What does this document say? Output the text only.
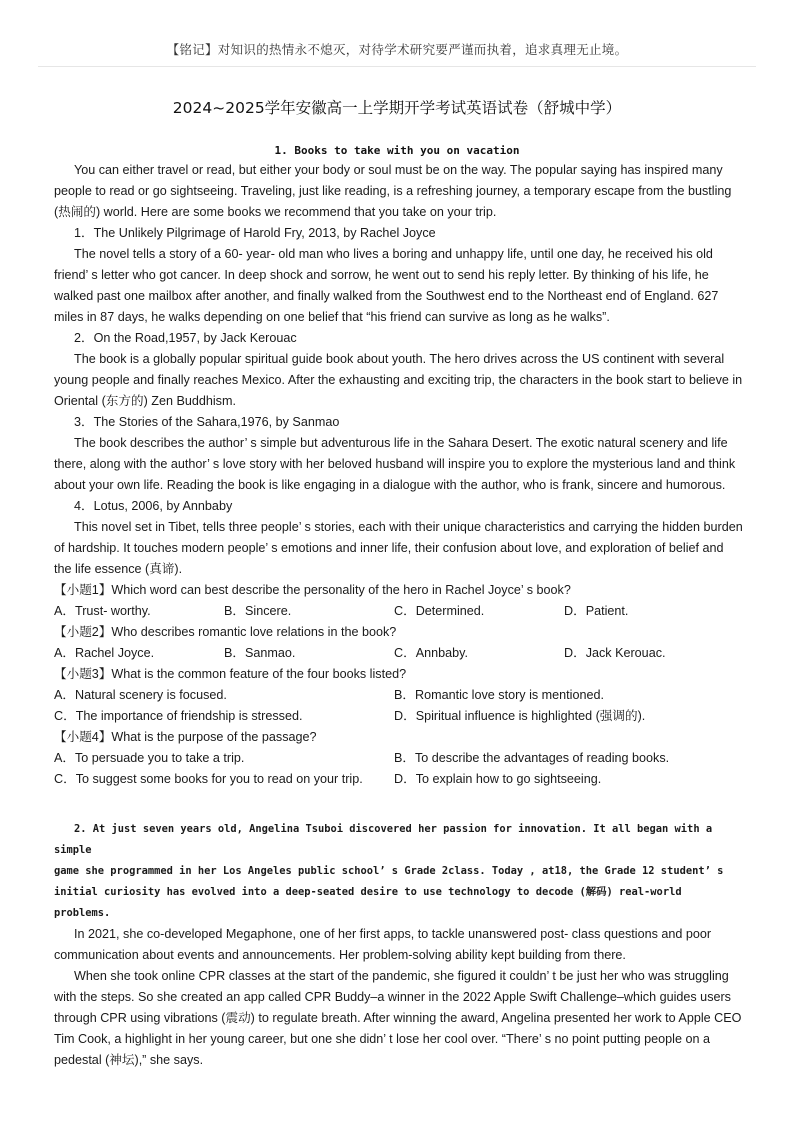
【铭记】对知识的热情永不熄灭，对待学术研究要严谨而执着，追求真理无止境。
2024~2025学年安徽高一上学期开学考试英语试卷（舒城中学）
1. Books to take with you on vacation

You can either travel or read, but either your body or soul must be on the way. The popular saying has inspired many people to read or go sightseeing. Traveling, just like reading, is a refreshing journey, a temporary escape from the bustling (热闹的) world. Here are some books we recommend that you take on your trip.

1．The Unlikely Pilgrimage of Harold Fry, 2013, by Rachel Joyce

The novel tells a story of a 60- year- old man who lives a boring and unhappy life, until one day, he received his old friend’ s letter who got cancer. In deep shock and sorrow, he went out to send his reply letter. By thinking of his life, he walked past one mailbox after another, and finally walked from the Southwest end to the Northeast end of England. 627 miles in 87 days, he walks depending on one belief that “his friend can survive as long as he walks”.

2．On the Road,1957, by Jack Kerouac

The book is a globally popular spiritual guide book about youth. The hero drives across the US continent with several young people and finally reaches Mexico. After the exhausting and exciting trip, the characters in the book start to believe in Oriental (东方的) Zen Buddhism.

3．The Stories of the Sahara,1976, by Sanmao

The book describes the author’ s simple but adventurous life in the Sahara Desert. The exotic natural scenery and life there, along with the author’ s love story with her beloved husband will inspire you to explore the mysterious land and think about your own life. Reading the book is like engaging in a dialogue with the author, who is frank, sincere and humorous.

4．Lotus, 2006, by Annbaby

This novel set in Tibet, tells three people’ s stories, each with their unique characteristics and carrying the hidden burden of hardship. It touches modern people’ s emotions and inner life, their confusion about love, and exploration of belief and the life essence (真谛).

【小题1】Which word can best describe the personality of the hero in Rachel Joyce’ s book?

A．Trust- worthy.	B．Sincere.	C．Determined.	D．Patient.

【小题2】Who describes romantic love relations in the book?

A．Rachel Joyce.	B．Sanmao.	C．Annbaby.	D．Jack Kerouac.

【小题3】What is the common feature of the four books listed?

A．Natural scenery is focused.	B．Romantic love story is mentioned.
C．The importance of friendship is stressed.	D．Spiritual influence is highlighted (强调的).

【小题4】What is the purpose of the passage?

A．To persuade you to take a trip.	B．To describe the advantages of reading books.
C．To suggest some books for you to read on your trip.	D．To explain how to go sightseeing.

2. At just seven years old, Angelina Tsuboi discovered her passion for innovation. It all began with a simple

game she programmed in her Los Angeles public school’ s Grade 2class. Today , at18, the Grade 12 student’ s

initial curiosity has evolved into a deep-seated desire to use technology to decode (解码) real-world problems.

In 2021, she co-developed Megaphone, one of her first apps, to tackle unanswered post- class questions and poor communication about events and announcements. Her problem-solving ability kept building from there.

When she took online CPR classes at the start of the pandemic, she figured it couldn’ t be just her who was struggling with the steps. So she created an app called CPR Buddy–a winner in the 2022 Apple Swift Challenge–which guides users through CPR using vibrations (震动) to regulate breath. After winning the award, Angelina presented her work to Apple CEO Tim Cook, a highlight in her young career, but one she didn’ t lose her cool over. “There’ s no point putting people on a pedestal (神坛),” she says.
